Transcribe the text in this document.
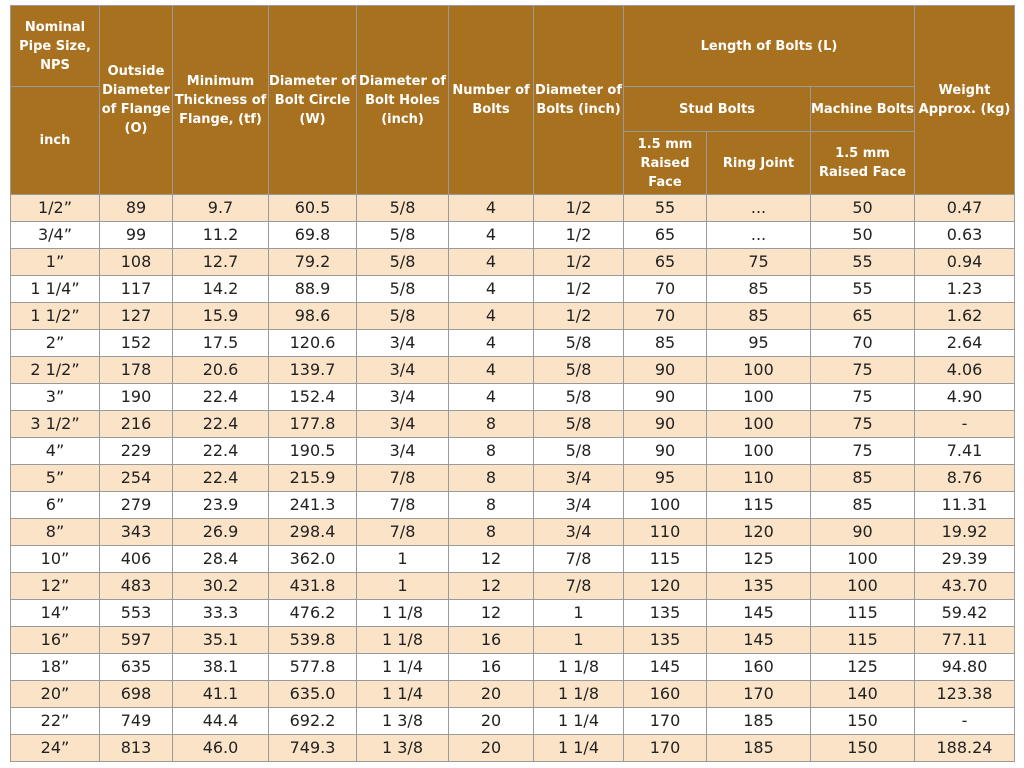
Nominal Pipe Size, NPS	Outside Diameter of Flange (O)	Minimum Thickness of Flange, (tf)	Diameter of Bolt Circle (W)	Diameter of Bolt Holes (inch)	Number of Bolts	Diameter of Bolts (inch)	Length of Bolts (L)			Weight Approx. (kg)
inch							Stud Bolts		Machine Bolts	
							1.5 mm Raised Face	Ring Joint	1.5 mm Raised Face	
1/2”	89	9.7	60.5	5/8	4	1/2	55	...	50	0.47
3/4”	99	11.2	69.8	5/8	4	1/2	65	...	50	0.63
1”	108	12.7	79.2	5/8	4	1/2	65	75	55	0.94
1 1/4”	117	14.2	88.9	5/8	4	1/2	70	85	55	1.23
1 1/2”	127	15.9	98.6	5/8	4	1/2	70	85	65	1.62
2”	152	17.5	120.6	3/4	4	5/8	85	95	70	2.64
2 1/2”	178	20.6	139.7	3/4	4	5/8	90	100	75	4.06
3”	190	22.4	152.4	3/4	4	5/8	90	100	75	4.90
3 1/2”	216	22.4	177.8	3/4	8	5/8	90	100	75	-
4”	229	22.4	190.5	3/4	8	5/8	90	100	75	7.41
5”	254	22.4	215.9	7/8	8	3/4	95	110	85	8.76
6”	279	23.9	241.3	7/8	8	3/4	100	115	85	11.31
8”	343	26.9	298.4	7/8	8	3/4	110	120	90	19.92
10”	406	28.4	362.0	1	12	7/8	115	125	100	29.39
12”	483	30.2	431.8	1	12	7/8	120	135	100	43.70
14”	553	33.3	476.2	1 1/8	12	1	135	145	115	59.42
16”	597	35.1	539.8	1 1/8	16	1	135	145	115	77.11
18”	635	38.1	577.8	1 1/4	16	1 1/8	145	160	125	94.80
20”	698	41.1	635.0	1 1/4	20	1 1/8	160	170	140	123.38
22”	749	44.4	692.2	1 3/8	20	1 1/4	170	185	150	-
24”	813	46.0	749.3	1 3/8	20	1 1/4	170	185	150	188.24
